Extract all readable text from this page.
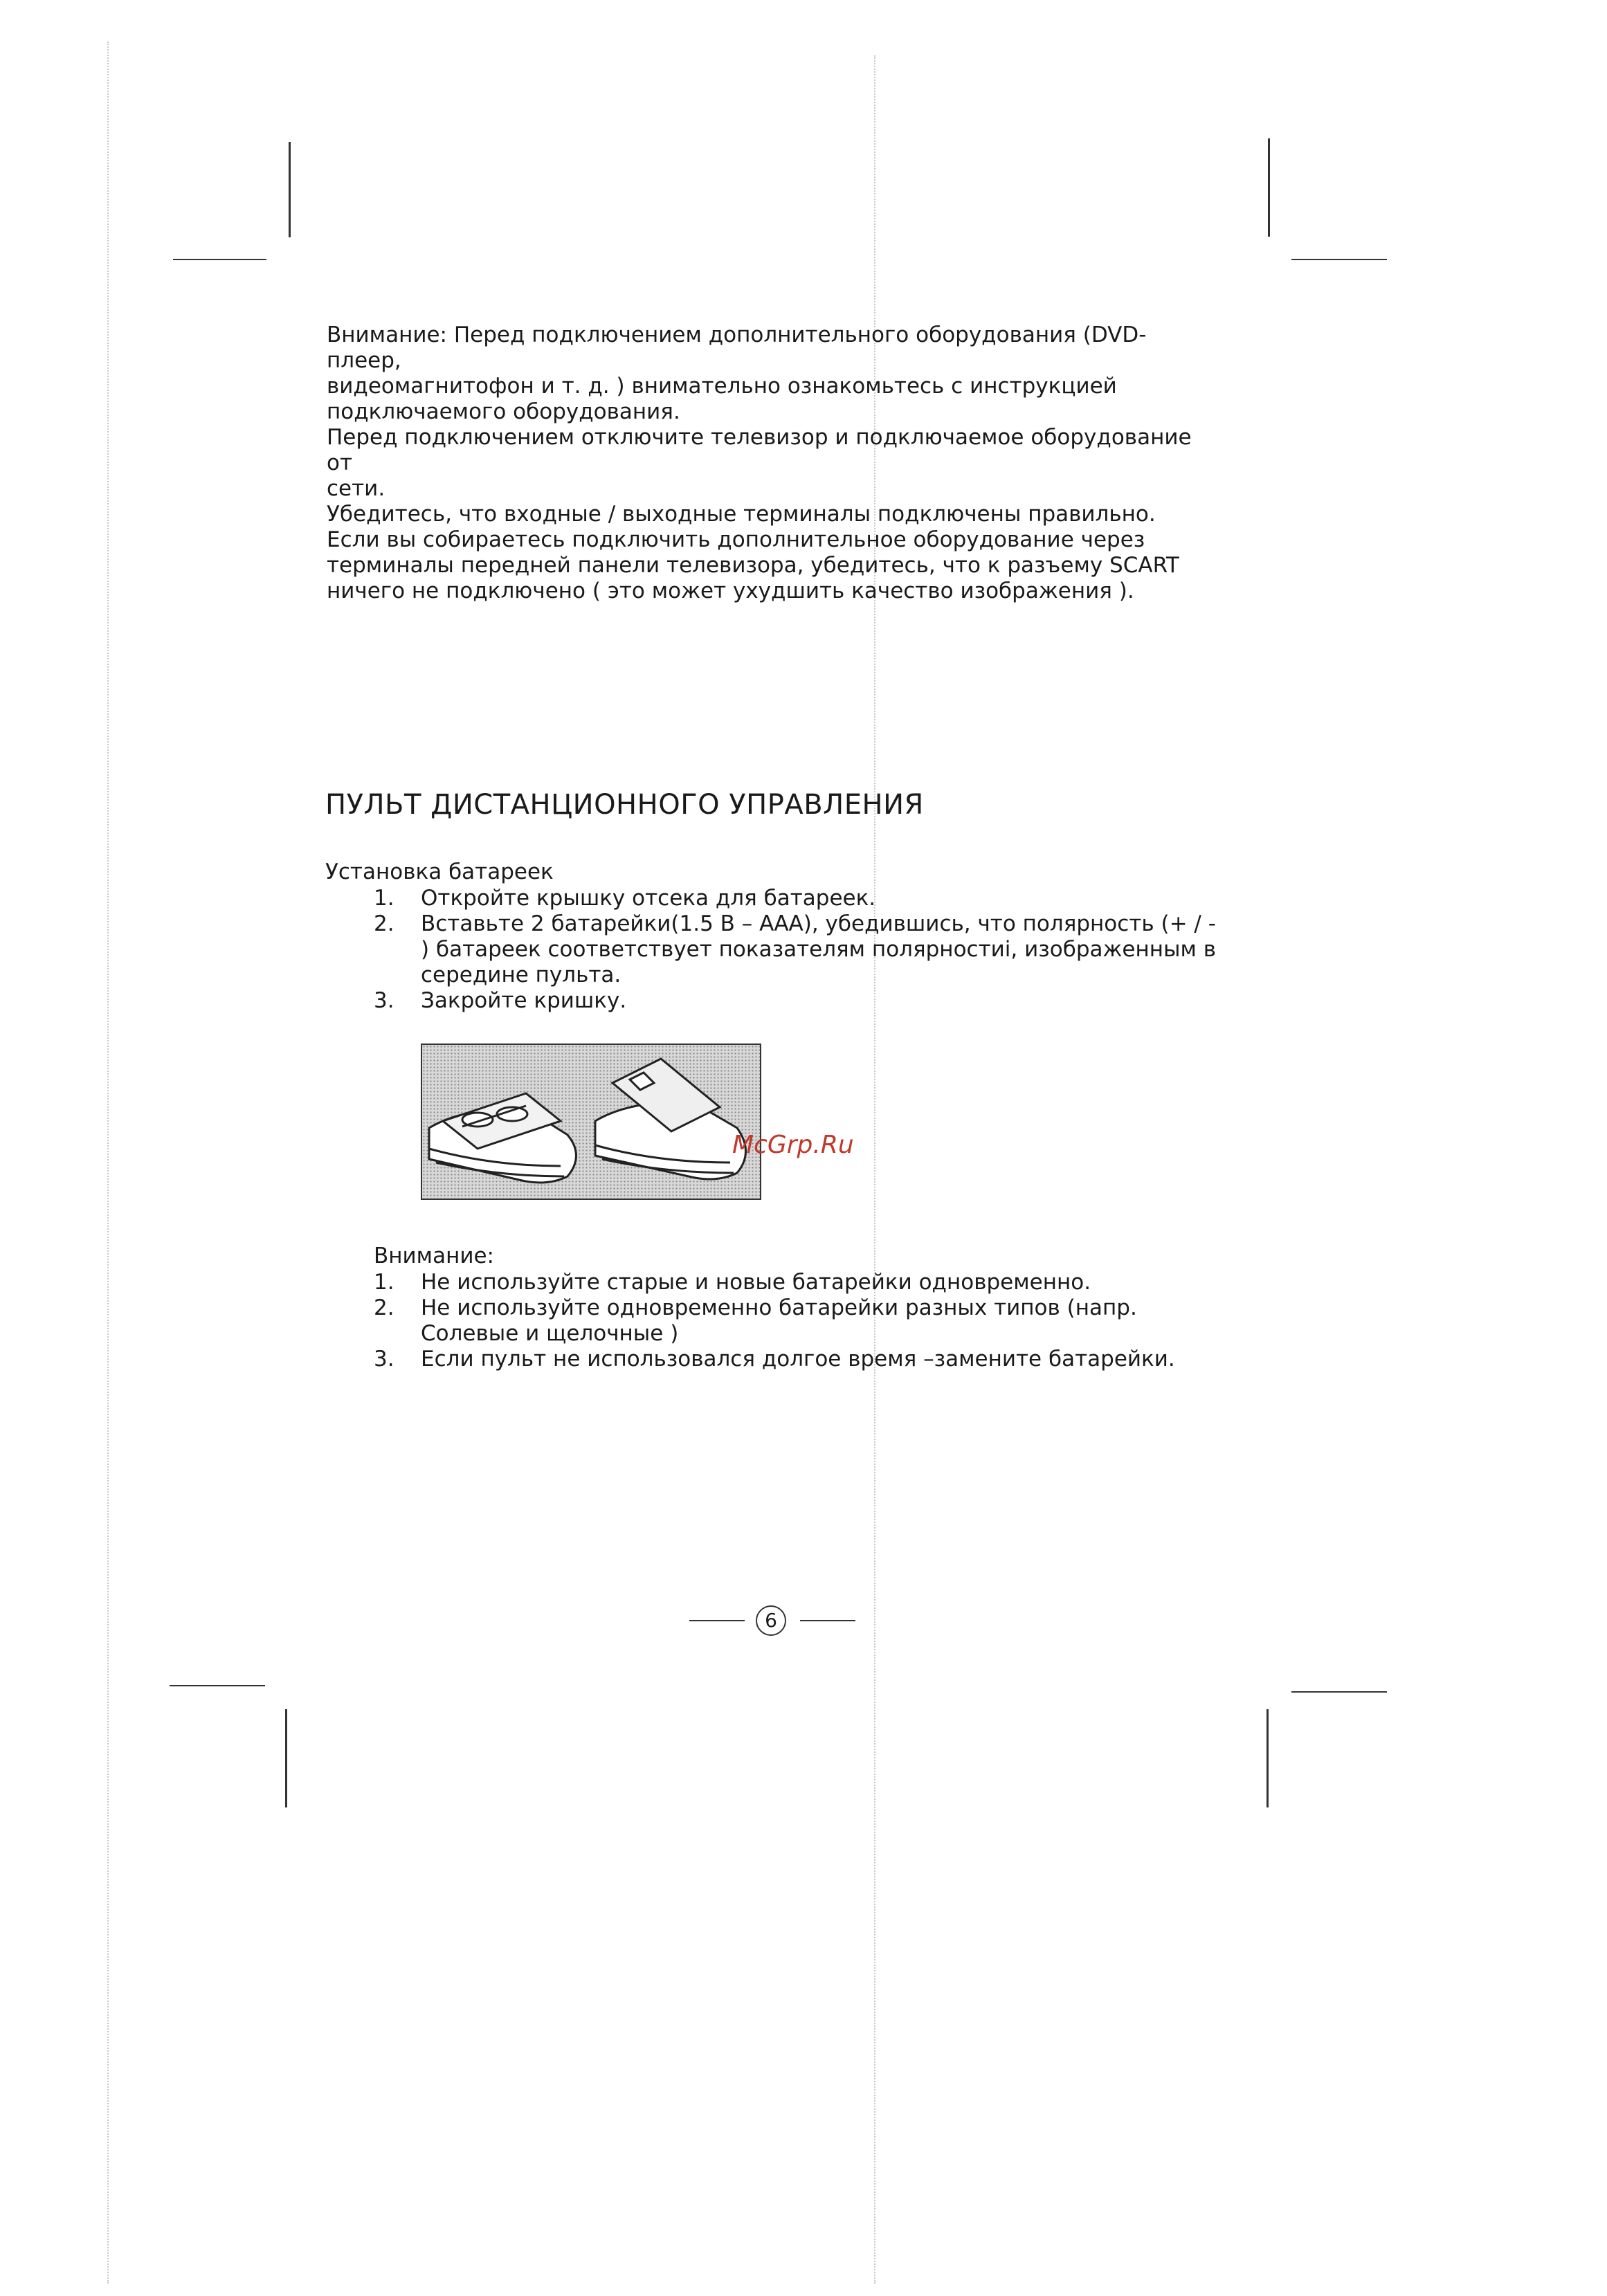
Внимание: Перед подключением дополнительного оборудования (DVD-плеер,

видеомагнитофон и т. д. ) внимательно ознакомьтесь с инструкцией

подключаемого оборудования.

Перед подключением отключите телевизор и подключаемое оборудование от

сети.

Убедитесь, что входные / выходные терминалы подключены правильно.

Если вы собираетесь подключить дополнительное оборудование через

терминалы передней панели телевизора, убедитесь, что к разъему SCART

ничего не подключено ( это может ухудшить качество изображения ).

ПУЛЬТ ДИСТАНЦИОННОГО УПРАВЛЕНИЯ

Установка батареек

1. Откройте крышку отсека для батареек.
2. Вставьте 2 батарейки(1.5 В – ААА), убедившись, что полярность (+ / -
) батареек соответствует показателям полярностиі, изображенным в
середине пульта.
3. Закройте кришку.
McGrp.Ru

Внимание:

1. Не используйте старые и новые батарейки одновременно.
2. Не используйте одновременно батарейки разных типов (напр.
Солевые и щелочные )
3. Если пульт не использовался долгое время –замените батарейки.
6
